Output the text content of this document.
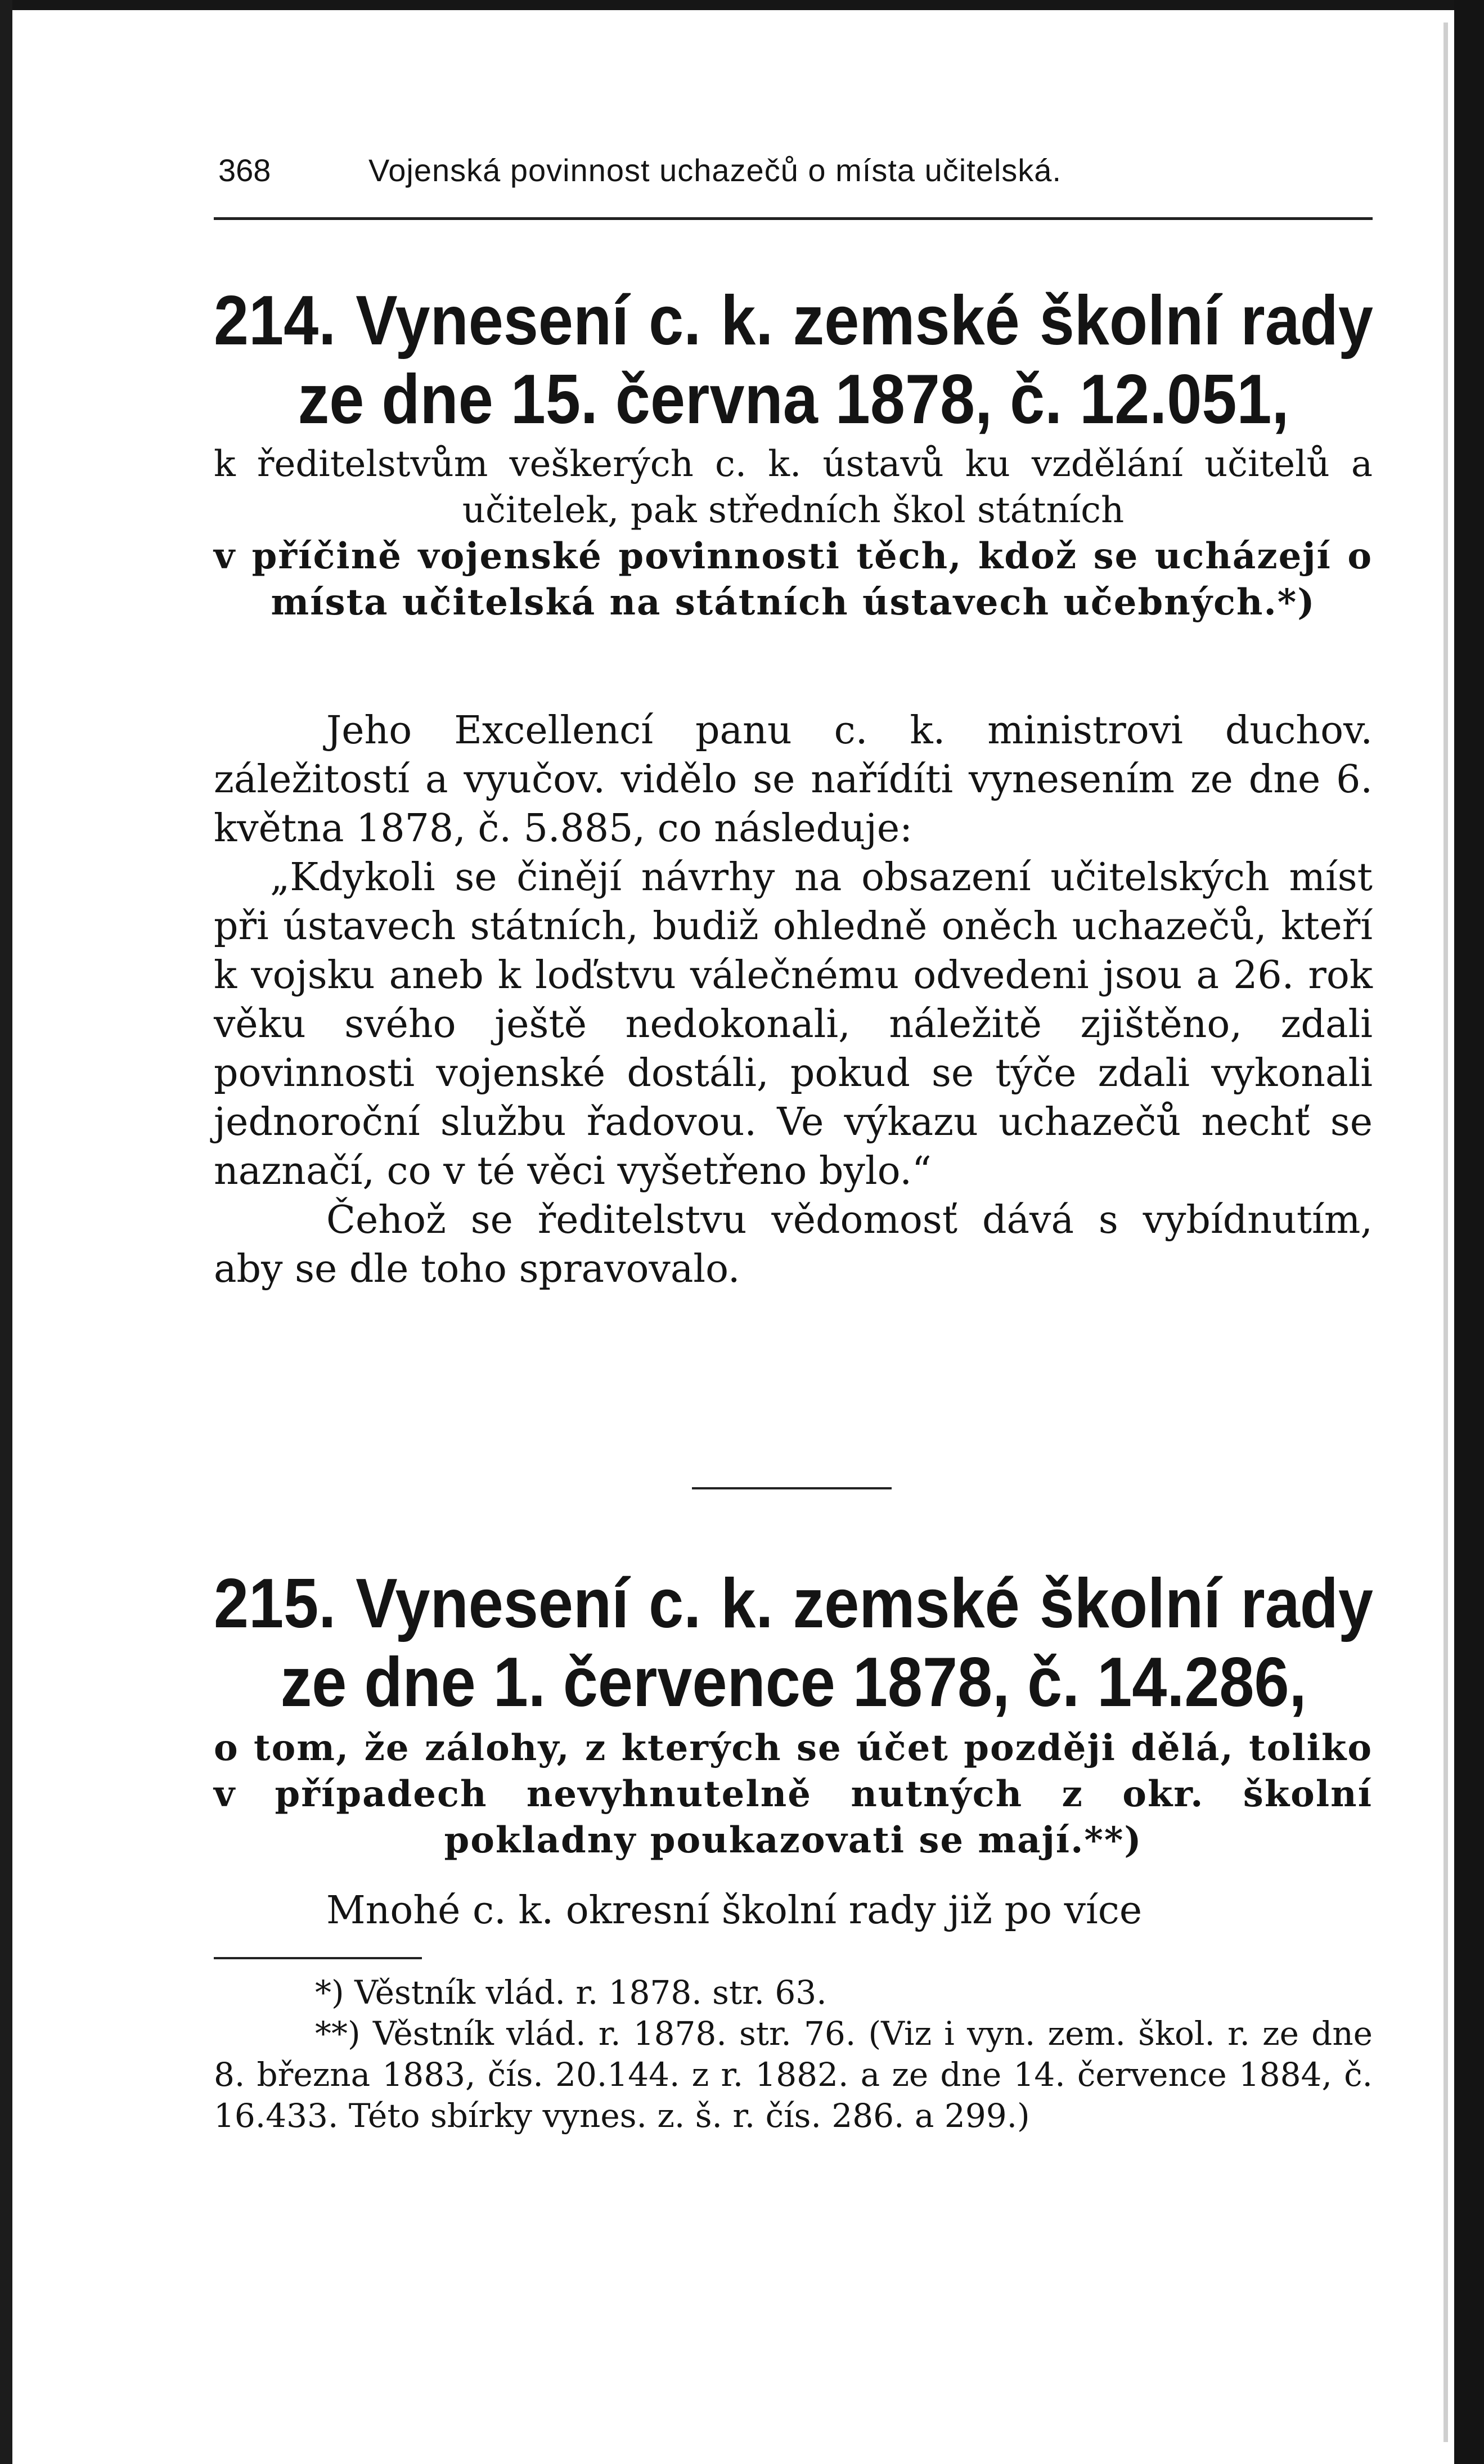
368	Vojenská povinnost uchazečů o místa učitelská.
214. Vynesení c. k. zemské školní rady
ze dne 15. června 1878, č. 12.051,

k ředitelstvům veškerých c. k. ústavů ku vzdělání učitelů a učitelek, pak středních škol státních
v příčině vojenské povinnosti těch, kdož se ucházejí o místa učitelská na státních ústavech učebných.*)

Jeho Excellencí panu c. k. ministrovi duchov. záležitostí a vyučov. vidělo se nařídíti vynesením ze dne 6. května 1878, č. 5.885, co následuje:

„Kdykoli se činějí návrhy na obsazení učitelských míst při ústavech státních, budiž ohledně oněch uchazečů, kteří k vojsku aneb k loďstvu válečnému odvedeni jsou a 26. rok věku svého ještě nedokonali, náležitě zjištěno, zdali povinnosti vojenské dostáli, pokud se týče zdali vykonali jednoroční službu řadovou. Ve výkazu uchazečů nechť se naznačí, co v té věci vyšetřeno bylo.“

Čehož se ředitelstvu vědomosť dává s vybídnutím, aby se dle toho spravovalo.

215. Vynesení c. k. zemské školní rady
ze dne 1. července 1878, č. 14.286,

o tom, že zálohy, z kterých se účet později dělá, toliko v případech nevyhnutelně nutných z okr. školní pokladny poukazovati se mají.**)

Mnohé c. k. okresní školní rady již po více

*) Věstník vlád. r. 1878. str. 63.

**) Věstník vlád. r. 1878. str. 76. (Viz i vyn. zem. škol. r. ze dne 8. března 1883, čís. 20.144. z r. 1882. a ze dne 14. července 1884, č. 16.433. Této sbírky vynes. z. š. r. čís. 286. a 299.)
